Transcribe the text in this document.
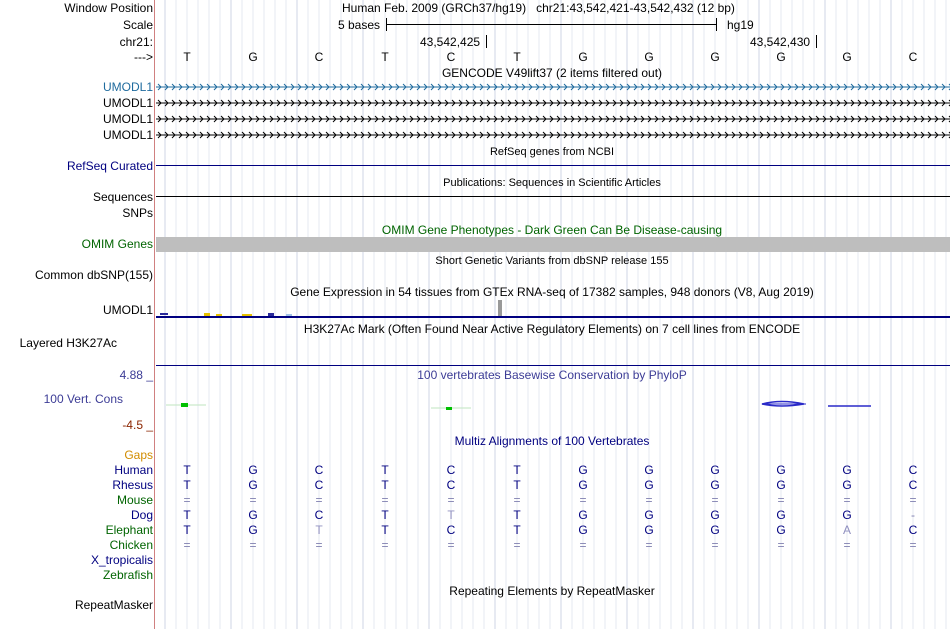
Window Position	Human Feb. 2009 (GRCh37/hg19)   chr21:43,542,421-43,542,432 (12 bp)
Scale	5 bases	hg19
chr21:	43,542,425	43,542,430
--->	T	G	C	T	C	T	G	G	G	G	G	C
GENCODE V49lift37 (2 items filtered out)
UMODL1
UMODL1
UMODL1
UMODL1
RefSeq genes from NCBI
RefSeq Curated
Publications: Sequences in Scientific Articles
Sequences
SNPs
OMIM Gene Phenotypes - Dark Green Can Be Disease-causing
OMIM Genes
Short Genetic Variants from dbSNP release 155
Common dbSNP(155)
Gene Expression in 54 tissues from GTEx RNA-seq of 17382 samples, 948 donors (V8, Aug 2019)
UMODL1
H3K27Ac Mark (Often Found Near Active Regulatory Elements) on 7 cell lines from ENCODE
Layered H3K27Ac
100 vertebrates Basewise Conservation by PhyloP
4.88 _
100 Vert. Cons
-4.5 _
Multiz Alignments of 100 Vertebrates
Gaps
Human	T	G	C	T	C	T	G	G	G	G	G	C
Rhesus	T	G	C	T	C	T	G	G	G	G	G	C
Mouse	=	=	=	=	=	=	=	=	=	=	=	=
Dog	T	G	C	T	T	T	G	G	G	G	G	-
Elephant	T	G	T	T	C	T	G	G	G	G	A	C
Chicken	=	=	=	=	=	=	=	=	=	=	=	=
X_tropicalis
Zebrafish
Repeating Elements by RepeatMasker
RepeatMasker
